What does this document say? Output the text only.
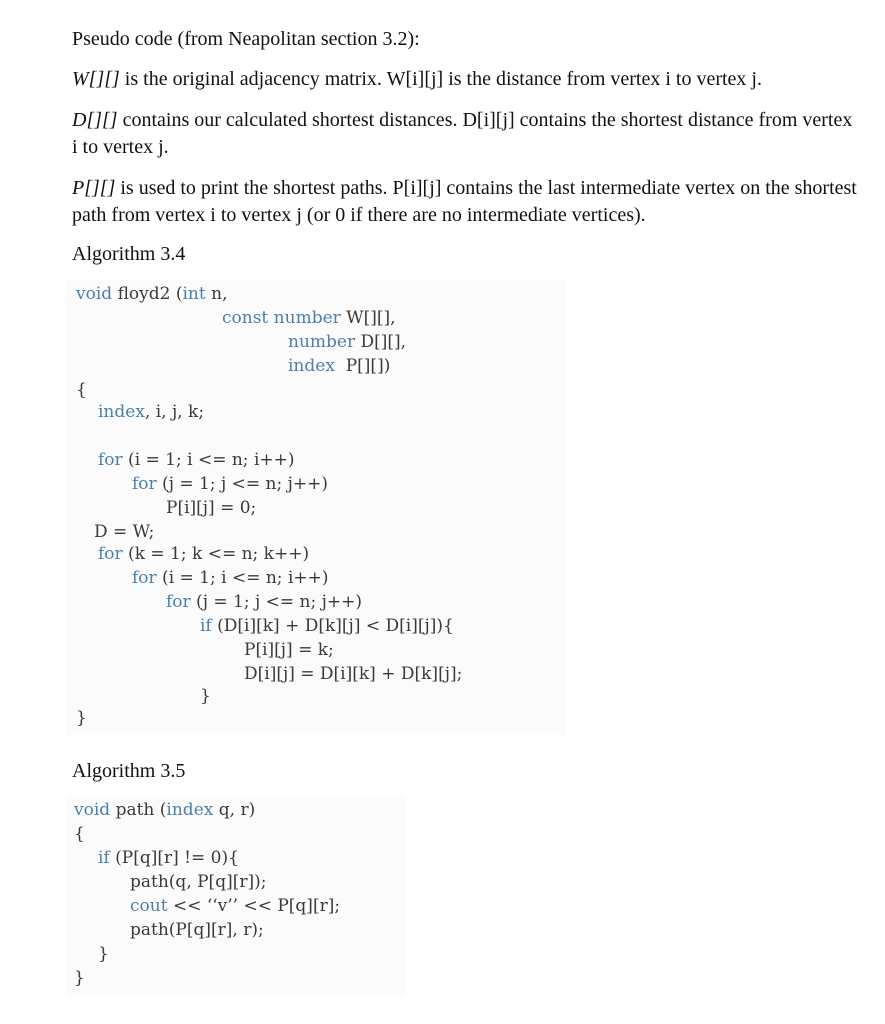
Pseudo code (from Neapolitan section 3.2):
W[][] is the original adjacency matrix. W[i][j] is the distance from vertex i to vertex j.
D[][] contains our calculated shortest distances. D[i][j] contains the shortest distance from vertex i to vertex j.
P[][] is used to print the shortest paths. P[i][j] contains the last intermediate vertex on the shortest path from vertex i to vertex j (or 0 if there are no intermediate vertices).
Algorithm 3.4

void floyd2 (int n,

const number W[][],

number D[][],

index  P[][])

{

index, i, j, k;

for (i = 1; i <= n; i++)

for (j = 1; j <= n; j++)

P[i][j] = 0;

D = W;

for (k = 1; k <= n; k++)

for (i = 1; i <= n; i++)

for (j = 1; j <= n; j++)

if (D[i][k] + D[k][j] < D[i][j]){

P[i][j] = k;

D[i][j] = D[i][k] + D[k][j];

}

}

Algorithm 3.5

void path (index q, r)

{

if (P[q][r] != 0){

path(q, P[q][r]);

cout << ‘‘v’’ << P[q][r];

path(P[q][r], r);

}

}
